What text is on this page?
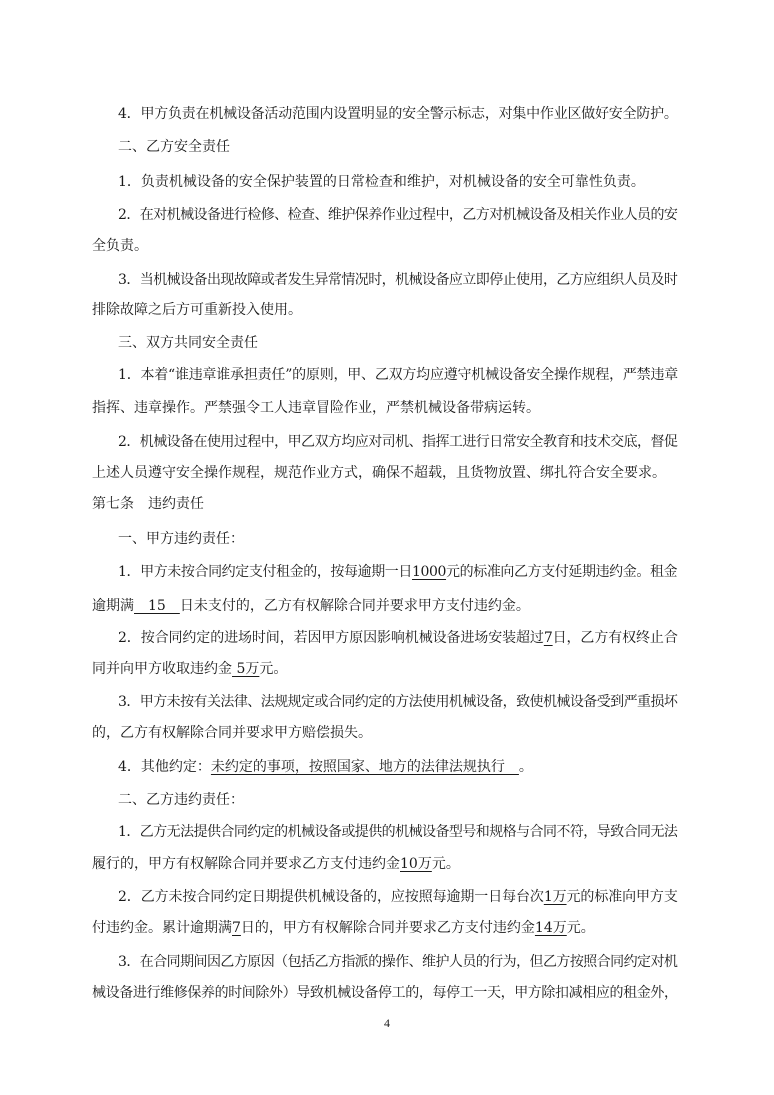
4．甲方负责在机械设备活动范围内设置明显的安全警示标志，对集中作业区做好安全防护。
二、乙方安全责任
1．负责机械设备的安全保护装置的日常检查和维护，对机械设备的安全可靠性负责。
2．在对机械设备进行检修、检查、维护保养作业过程中，乙方对机械设备及相关作业人员的安
全负责。
3．当机械设备出现故障或者发生异常情况时，机械设备应立即停止使用，乙方应组织人员及时
排除故障之后方可重新投入使用。
三、双方共同安全责任
1．本着“谁违章谁承担责任”的原则，甲、乙双方均应遵守机械设备安全操作规程，严禁违章
指挥、违章操作。严禁强令工人违章冒险作业，严禁机械设备带病运转。
2．机械设备在使用过程中，甲乙双方均应对司机、指挥工进行日常安全教育和技术交底，督促
上述人员遵守安全操作规程，规范作业方式，确保不超载，且货物放置、绑扎符合安全要求。
第七条　违约责任
一、甲方违约责任：
1．甲方未按合同约定支付租金的，按每逾期一日1000元的标准向乙方支付延期违约金。租金
逾期满　15　日未支付的，乙方有权解除合同并要求甲方支付违约金。
2．按合同约定的进场时间，若因甲方原因影响机械设备进场安装超过7日，乙方有权终止合
同并向甲方收取违约金 5万元。
3．甲方未按有关法律、法规规定或合同约定的方法使用机械设备，致使机械设备受到严重损坏
的，乙方有权解除合同并要求甲方赔偿损失。
4．其他约定：未约定的事项，按照国家、地方的法律法规执行　。
二、乙方违约责任：
1．乙方无法提供合同约定的机械设备或提供的机械设备型号和规格与合同不符，导致合同无法
履行的，甲方有权解除合同并要求乙方支付违约金10万元。
2．乙方未按合同约定日期提供机械设备的，应按照每逾期一日每台次1万元的标准向甲方支
付违约金。累计逾期满7日的，甲方有权解除合同并要求乙方支付违约金14万元。
3．在合同期间因乙方原因（包括乙方指派的操作、维护人员的行为，但乙方按照合同约定对机
械设备进行维修保养的时间除外）导致机械设备停工的，每停工一天，甲方除扣减相应的租金外，
4
